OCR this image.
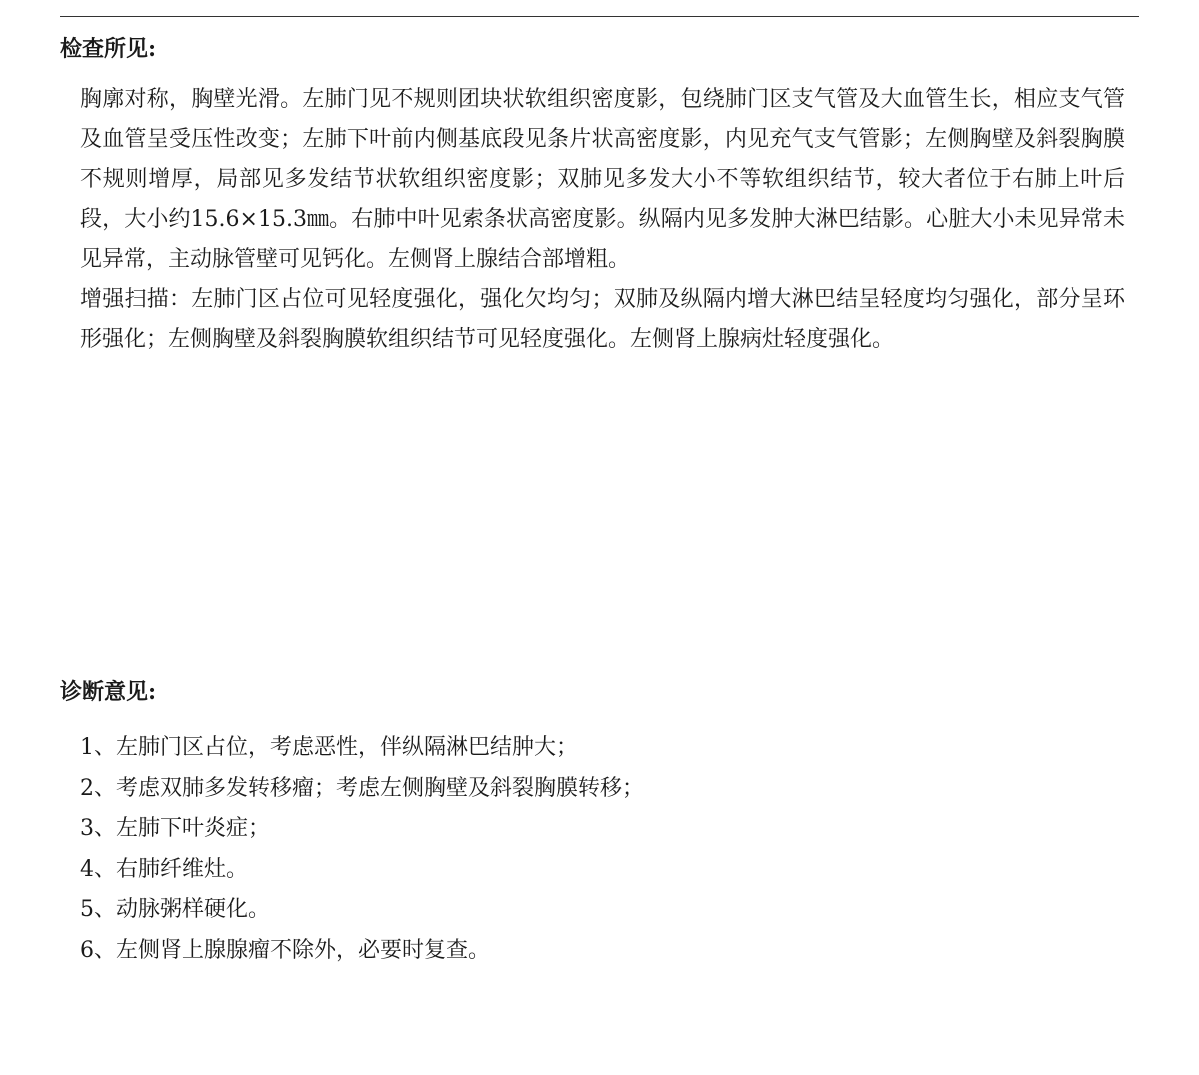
检查所见:

胸廓对称，胸壁光滑。左肺门见不规则团块状软组织密度影，包绕肺门区支气管及大血管生长，相应支气管及血管呈受压性改变；左肺下叶前内侧基底段见条片状高密度影，内见充气支气管影；左侧胸壁及斜裂胸膜不规则增厚，局部见多发结节状软组织密度影；双肺见多发大小不等软组织结节，较大者位于右肺上叶后段，大小约15.6×15.3㎜。右肺中叶见索条状高密度影。纵隔内见多发肿大淋巴结影。心脏大小未见异常未见异常，主动脉管壁可见钙化。左侧肾上腺结合部增粗。

增强扫描：左肺门区占位可见轻度强化，强化欠均匀；双肺及纵隔内增大淋巴结呈轻度均匀强化，部分呈环形强化；左侧胸壁及斜裂胸膜软组织结节可见轻度强化。左侧肾上腺病灶轻度强化。

诊断意见:
1、左肺门区占位，考虑恶性，伴纵隔淋巴结肿大；
2、考虑双肺多发转移瘤；考虑左侧胸壁及斜裂胸膜转移；
3、左肺下叶炎症；
4、右肺纤维灶。
5、动脉粥样硬化。
6、左侧肾上腺腺瘤不除外，必要时复查。
